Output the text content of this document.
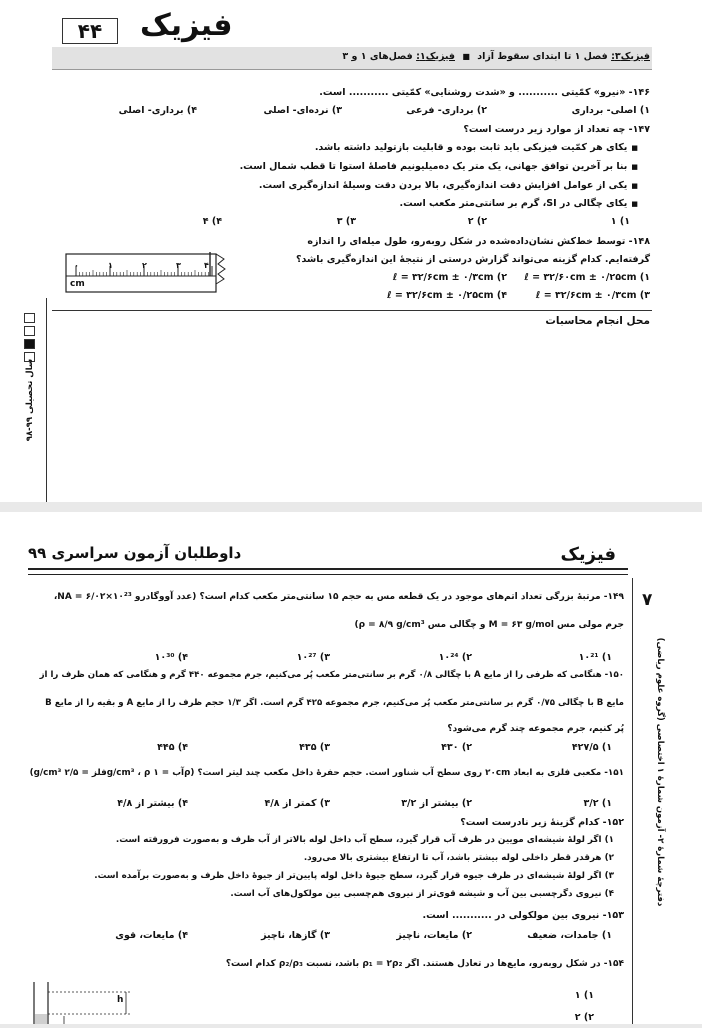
۴۴	فیزیک
فیزیک۳: فصل ۱ تا ابتدای سقوط آزاد ■ فیزیک۱: فصل‌های ۱ و ۳
۱۴۶- «نیرو» کمّیتی ........... و «شدت روشنایی» کمّیتی ........... است.
۱) اصلی- برداری
۲) برداری- فرعی
۳) نرده‌ای- اصلی
۴) برداری- اصلی
۱۴۷- چه تعداد از موارد زیر درست است؟
■ یکای هر کمّیت فیزیکی باید ثابت بوده و قابلیت بازتولید داشته باشد.
■ بنا بر آخرین توافق جهانی، یک متر یک ده‌میلیونیم فاصلهٔ استوا تا قطب شمال است.
■ یکی از عوامل افزایش دقت اندازه‌گیری، بالا بردن دقت وسیلهٔ اندازه‌گیری است.
■ یکای چگالی در SI، گرم بر سانتی‌متر مکعب است.
۱) ۱
۲) ۲
۳) ۳
۴) ۴
۱۴۸- توسط خط‌کش نشان‌داده‌شده در شکل روبه‌رو، طول میله‌ای را اندازه
گرفته‌ایم. کدام گزینه می‌تواند گزارش درستی از نتیجهٔ این اندازه‌گیری باشد؟
۱) ℓ = ۳۲/۶۰cm ± ۰/۲۵cm
۲) ℓ = ۳۲/۶cm ± ۰/۳cm
۳) ℓ = ۳۲/۶cm ± ۰/۳cm
۴) ℓ = ۳۲/۶cm ± ۰/۲۵cm
cm
۰	۱	۲	۳	۴
محل انجام محاسبات
سال تحصیلی ۹۹-۹۸
فیزیک
داوطلبان آزمون سراسری ۹۹
۷
دفترچهٔ شمارهٔ ۲- آزمون شمارهٔ ۱ اختصاصی (گروه علوم ریاضی)
۱۴۹- مرتبهٔ بزرگی تعداد اتم‌های موجود در یک قطعه مس به حجم ۱۵ سانتی‌متر مکعب کدام است؟ (عدد آووگادرو NA = ۶/۰۲×۱۰²³،
جرم مولی مس M = ۶۳ g/mol و چگالی مس ρ = ۸/۹ g/cm³)
۱) ۱۰²¹
۲) ۱۰²⁴
۳) ۱۰²⁷
۴) ۱۰³⁰
۱۵۰- هنگامی که ظرفی را از مایع A با چگالی ۰/۸ گرم بر سانتی‌متر مکعب پُر می‌کنیم، جرم مجموعه ۴۴۰ گرم و هنگامی که همان ظرف را از
مایع B با چگالی ۰/۷۵ گرم بر سانتی‌متر مکعب پُر می‌کنیم، جرم مجموعه ۴۲۵ گرم است. اگر ۱/۳ حجم ظرف را از مایع A و بقیه را از مایع B
پُر کنیم، جرم مجموعه چند گرم می‌شود؟
۱) ۴۲۷/۵
۲) ۴۳۰
۳) ۴۳۵
۴) ۴۴۵
۱۵۱- مکعبی فلزی به ابعاد ۲۰cm روی سطح آب شناور است. حجم حفرهٔ داخل مکعب چند لیتر است؟ (ρآب = ۱ g/cm³ ، ρفلز = ۲/۵ g/cm³)
۱) ۳/۲
۲) بیشتر از ۳/۲
۳) کمتر از ۴/۸
۴) بیشتر از ۴/۸
۱۵۲- کدام گزینهٔ زیر نادرست است؟
۱) اگر لولهٔ شیشه‌ای مویین در ظرف آب قرار گیرد، سطح آب داخل لوله بالاتر از آب ظرف و به‌صورت فرورفته است.
۲) هرقدر قطر داخلی لوله بیشتر باشد، آب تا ارتفاع بیشتری بالا می‌رود.
۳) اگر لولهٔ شیشه‌ای در ظرف جیوه قرار گیرد، سطح جیوهٔ داخل لوله پایین‌تر از جیوهٔ داخل ظرف و به‌صورت برآمده است.
۴) نیروی دگرچسبی بین آب و شیشه قوی‌تر از نیروی هم‌چسبی بین مولکول‌های آب است.
۱۵۳- نیروی بین مولکولی در ........... است.
۱) جامدات، ضعیف
۲) مایعات، ناچیز
۳) گازها، ناچیز
۴) مایعات، قوی
۱۵۴- در شکل روبه‌رو، مایع‌ها در تعادل هستند. اگر ρ₁ = ۲ρ₂ باشد، نسبت ρ₂/ρ₃ کدام است؟
۱) ۱
۲) ۲
h
